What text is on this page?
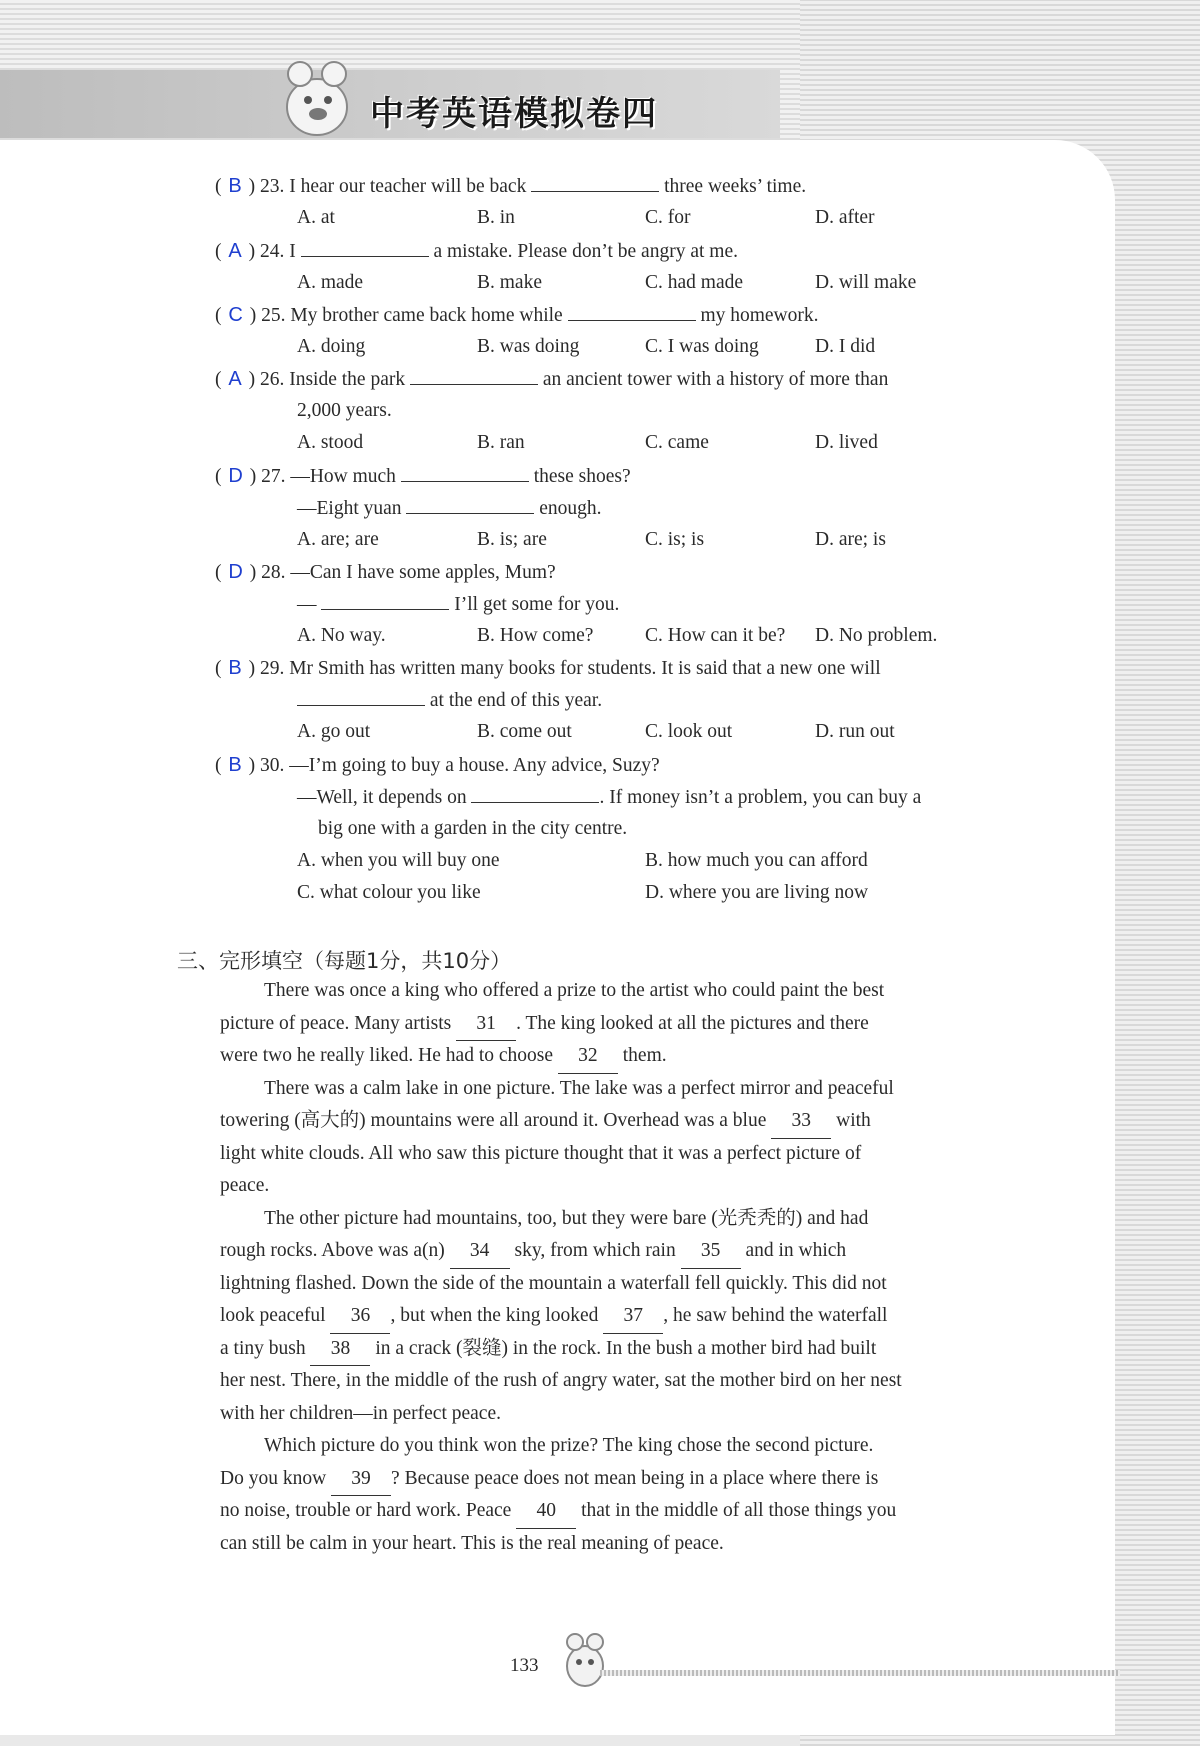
中考英语模拟卷四
( B ) 23. I hear our teacher will be back	three weeks’ time.
A. at	B. in	C. for	D. after
( A ) 24. I	a mistake. Please don’t be angry at me.
A. made	B. make	C. had made	D. will make
( C ) 25. My brother came back home while	my homework.
A. doing	B. was doing	C. I was doing	D. I did
( A ) 26. Inside the park	an ancient tower with a history of more than
2,000 years.
A. stood	B. ran	C. came	D. lived
( D ) 27. —How much	these shoes?
—Eight yuan	enough.
A. are; are	B. is; are	C. is; is	D. are; is
( D ) 28. —Can I have some apples, Mum?
—	I’ll get some for you.
A. No way.	B. How come?	C. How can it be? D. No problem.
( B ) 29. Mr Smith has written many books for students. It is said that a new one will
at the end of this year.
A. go out	B. come out	C. look out	D. run out
( B ) 30. —I’m going to buy a house. Any advice, Suzy?
—Well, it depends on	. If money isn’t a problem, you can buy a
big one with a garden in the city centre.
A. when you will buy one	B. how much you can afford
C. what colour you like	D. where you are living now
三、完形填空（每题1分，共10分）
There was once a king who offered a prize to the artist who could paint the best
picture of peace. Many artists 31 . The king looked at all the pictures and there
were two he really liked. He had to choose 32 them.
There was a calm lake in one picture. The lake was a perfect mirror and peaceful
towering (高大的) mountains were all around it. Overhead was a blue 33 with
light white clouds. All who saw this picture thought that it was a perfect picture of
peace.
The other picture had mountains, too, but they were bare (光秃秃的) and had
rough rocks. Above was a(n) 34 sky, from which rain 35 and in which
lightning flashed. Down the side of the mountain a waterfall fell quickly. This did not
look peaceful 36 , but when the king looked 37 , he saw behind the waterfall
a tiny bush 38 in a crack (裂缝) in the rock. In the bush a mother bird had built
her nest. There, in the middle of the rush of angry water, sat the mother bird on her nest
with her children—in perfect peace.
Which picture do you think won the prize? The king chose the second picture.
Do you know 39 ? Because peace does not mean being in a place where there is
no noise, trouble or hard work. Peace 40 that in the middle of all those things you
can still be calm in your heart. This is the real meaning of peace.
133
